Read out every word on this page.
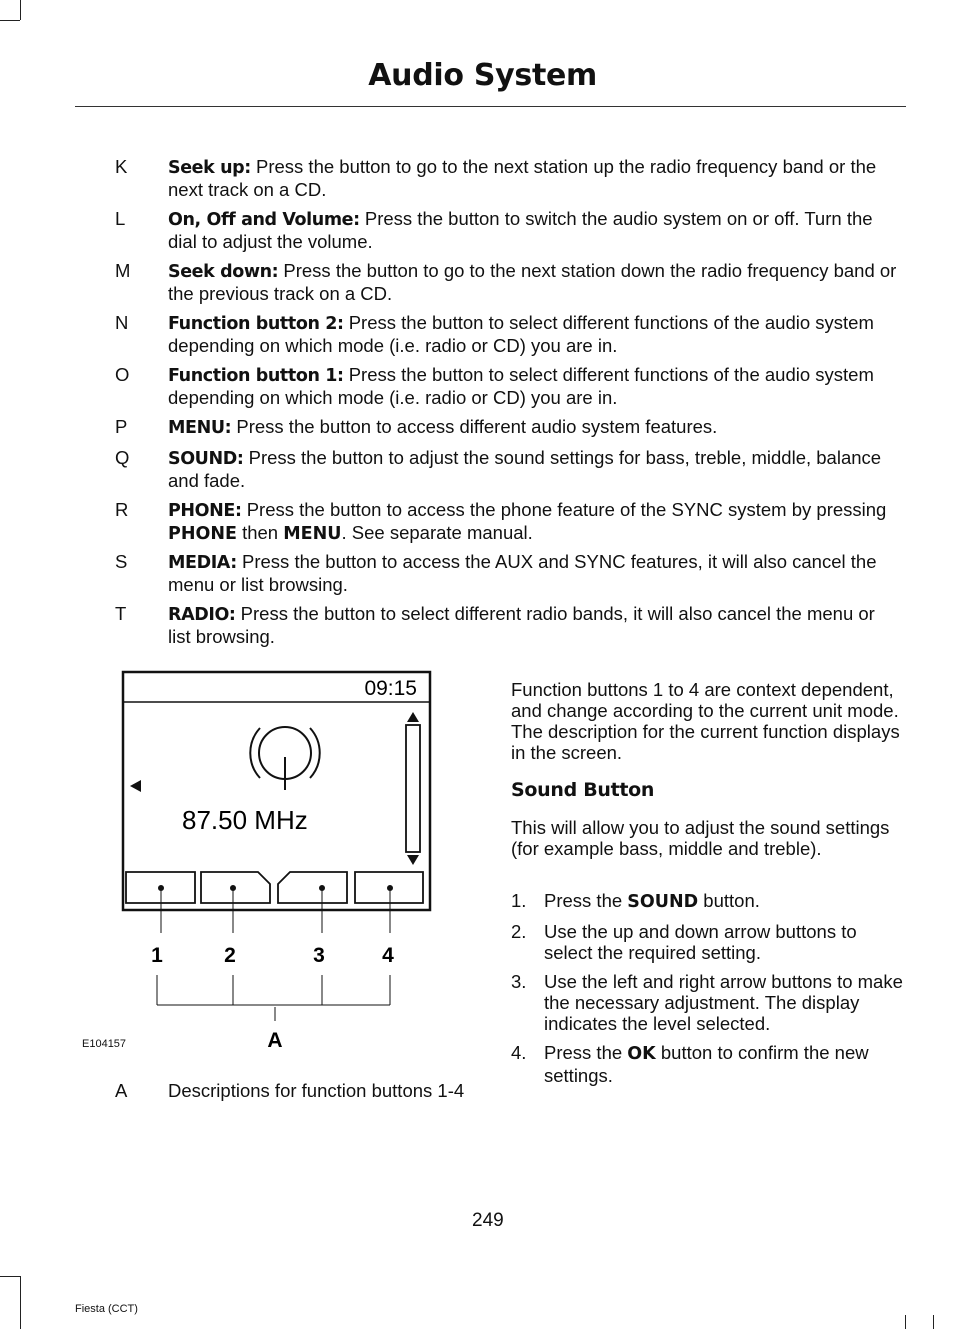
Audio System
K	Seek up: Press the button to go to the next station up the radio frequency band or the next track on a CD.
L	On, Off and Volume: Press the button to switch the audio system on or off. Turn the dial to adjust the volume.
M Seek down: Press the button to go to the next station down the radio frequency band or the previous track on a CD.
N	Function button 2: Press the button to select different functions of the audio system depending on which mode (i.e. radio or CD) you are in.
O	Function button 1: Press the button to select different functions of the audio system depending on which mode (i.e. radio or CD) you are in.
P	MENU: Press the button to access different audio system features.
Q	SOUND: Press the button to adjust the sound settings for bass, treble, middle, balance and fade.
R	PHONE: Press the button to access the phone feature of the SYNC system by pressing PHONE then MENU. See separate manual.
S	MEDIA: Press the button to access the AUX and SYNC features, it will also cancel the menu or list browsing.
T	RADIO: Press the button to select different radio bands, it will also cancel the menu or list browsing.
09:15
87.50 MHz
1	2	3	4
A
E104157
A	Descriptions for function buttons 1-4

Function buttons 1 to 4 are context dependent, and change according to the current unit mode. The description for the current function displays in the screen.

Sound Button

This will allow you to adjust the sound settings (for example bass, middle and treble).

1. Press the SOUND button.
2. Use the up and down arrow buttons to select the required setting.
3. Use the left and right arrow buttons to make the necessary adjustment. The display indicates the level selected.
4. Press the OK button to confirm the new settings.
249
Fiesta (CCT)
